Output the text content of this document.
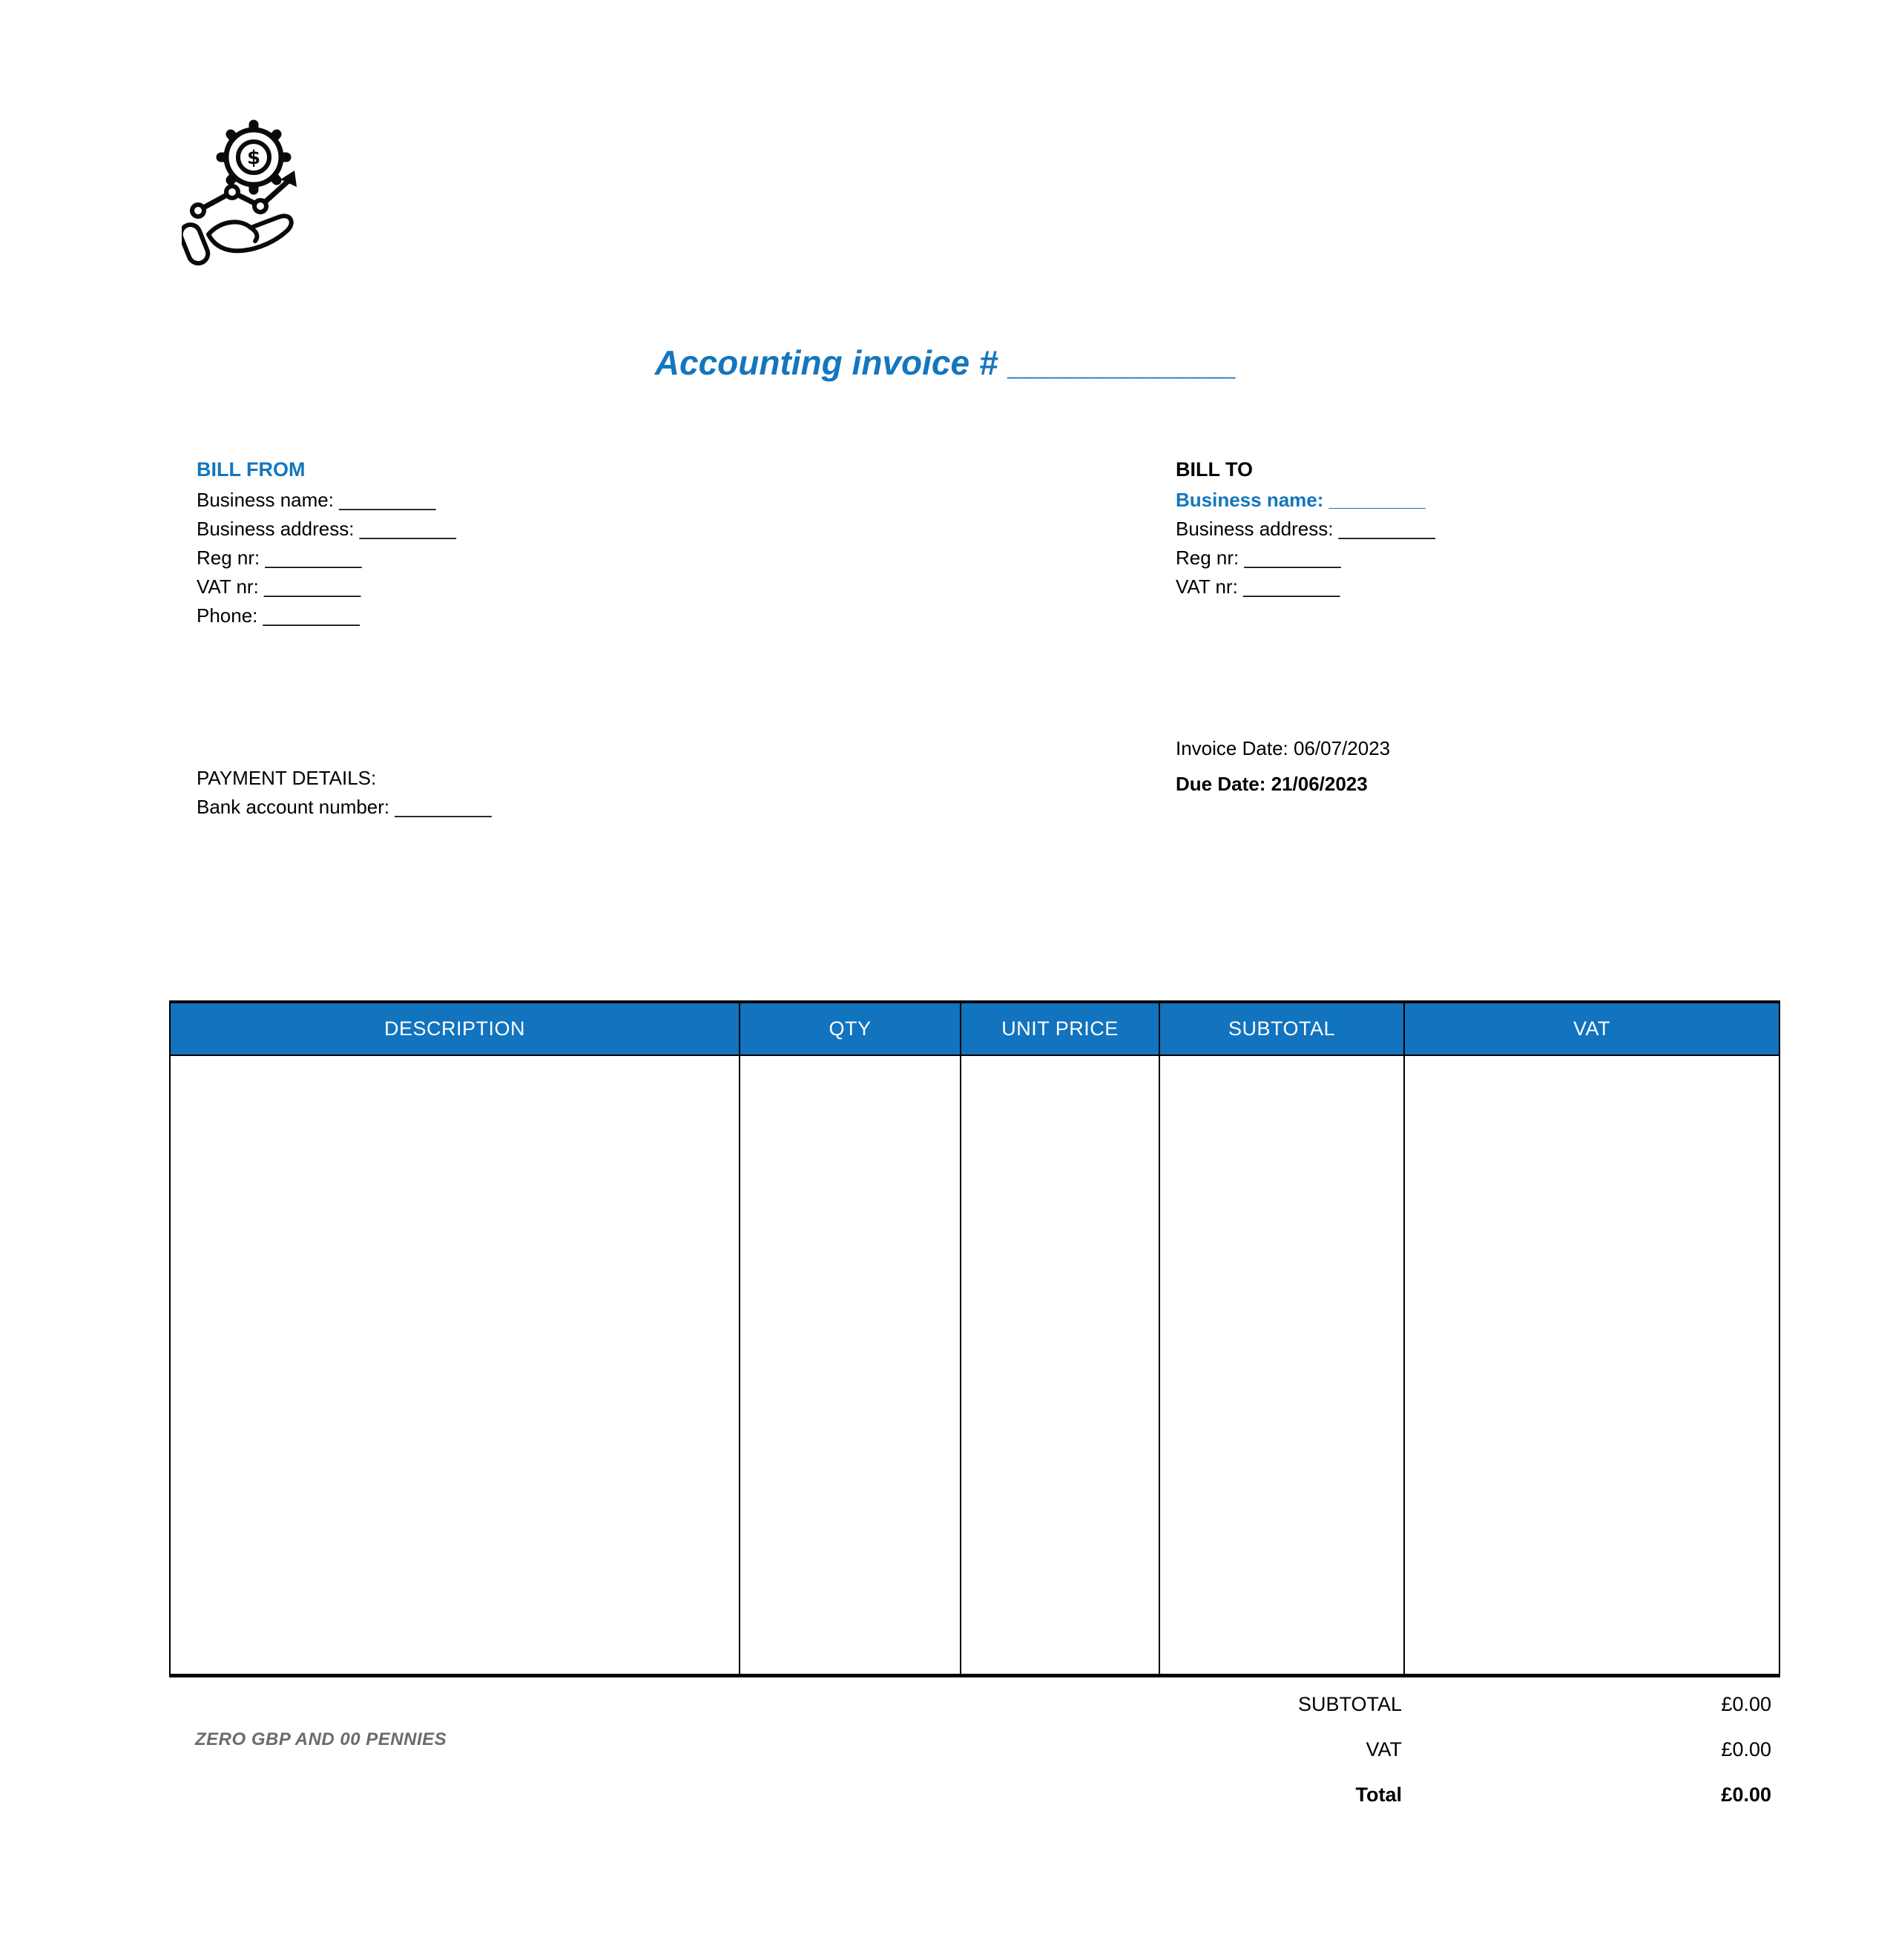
$
Accounting invoice # ____________
BILL FROM
Business name: _________
Business address: _________
Reg nr: _________
VAT nr: _________
Phone: _________
BILL TO
Business name: _________
Business address: _________
Reg nr: _________
VAT nr: _________
Invoice Date: 06/07/2023
Due Date: 21/06/2023
PAYMENT DETAILS:
Bank account number: _________
DESCRIPTION	QTY	UNIT PRICE	SUBTOTAL	VAT
SUBTOTAL	£0.00
VAT	£0.00
Total	£0.00
ZERO GBP AND 00 PENNIES
